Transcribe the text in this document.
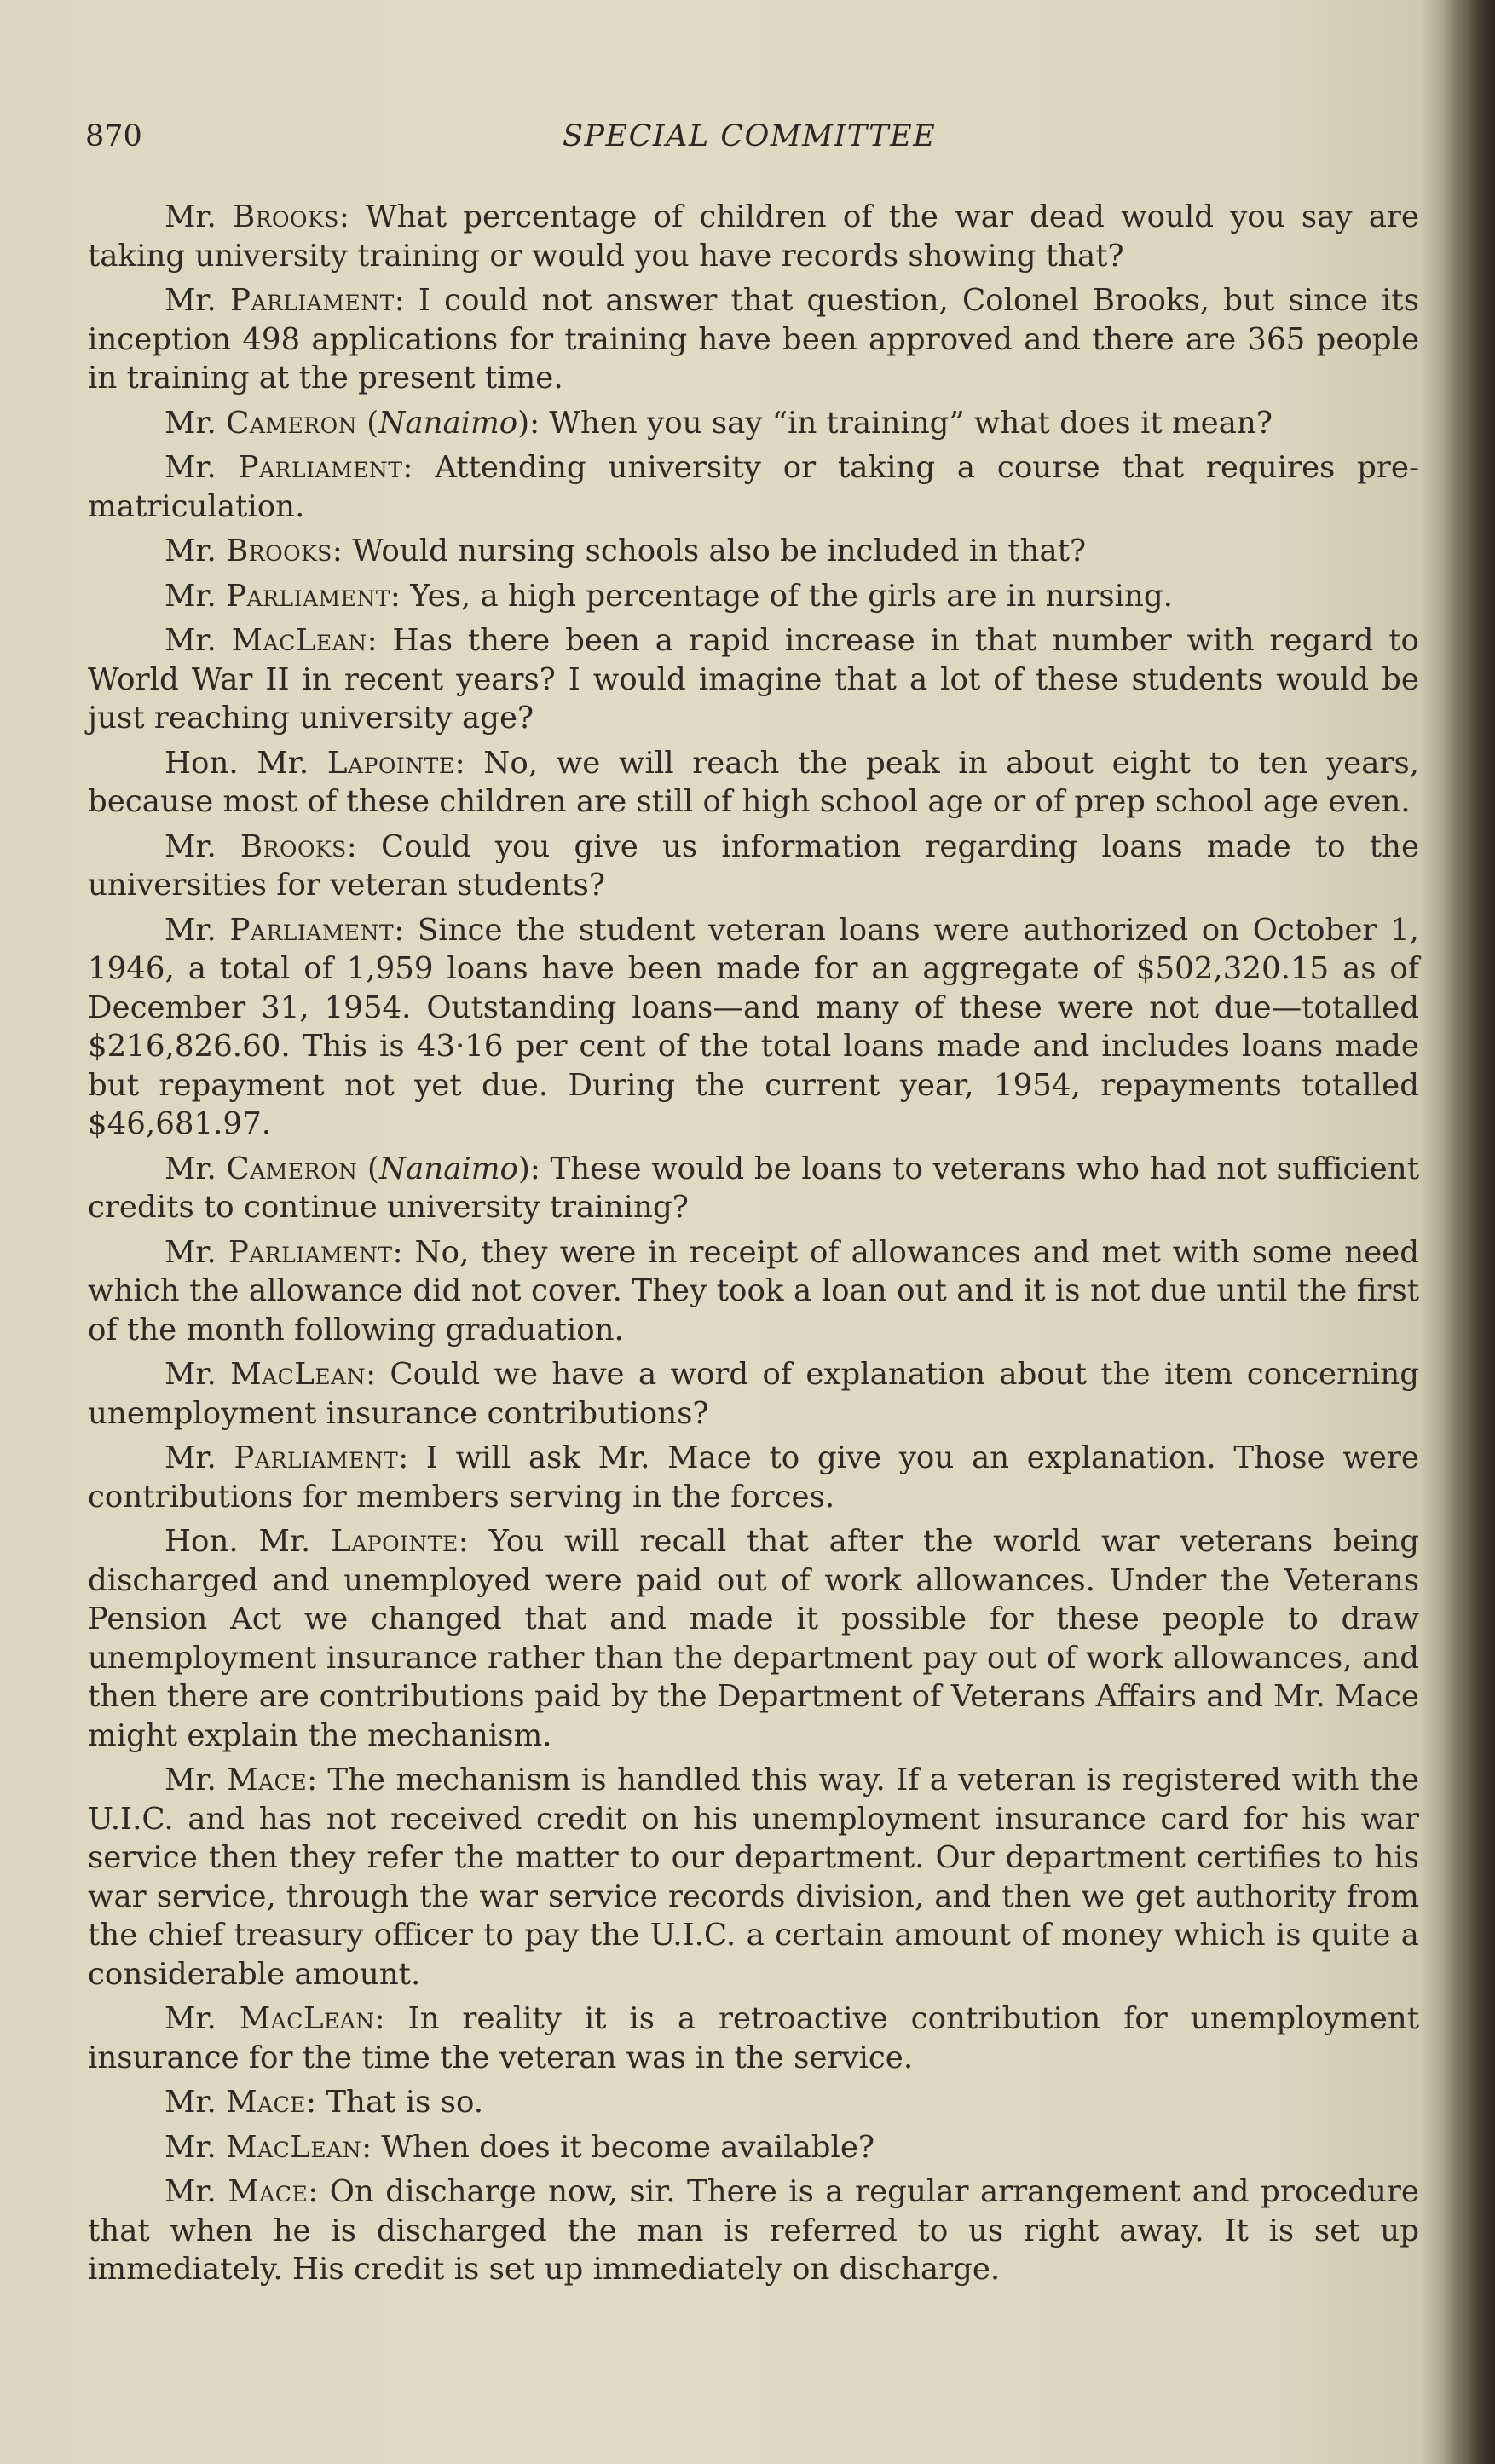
870	SPECIAL COMMITTEE

Mr. Brooks: What percentage of children of the war dead would you say are taking university training or would you have records showing that?

Mr. Parliament: I could not answer that question, Colonel Brooks, but since its inception 498 applications for training have been approved and there are 365 people in training at the present time.

Mr. Cameron (Nanaimo): When you say “in training” what does it mean?

Mr. Parliament: Attending university or taking a course that requires pre-matriculation.

Mr. Brooks: Would nursing schools also be included in that?

Mr. Parliament: Yes, a high percentage of the girls are in nursing.

Mr. MacLean: Has there been a rapid increase in that number with regard to World War II in recent years? I would imagine that a lot of these students would be just reaching university age?

Hon. Mr. Lapointe: No, we will reach the peak in about eight to ten years, because most of these children are still of high school age or of prep school age even.

Mr. Brooks: Could you give us information regarding loans made to the universities for veteran students?

Mr. Parliament: Since the student veteran loans were authorized on October 1, 1946, a total of 1,959 loans have been made for an aggregate of $502,320.15 as of December 31, 1954. Outstanding loans—and many of these were not due—totalled $216,826.60. This is 43·16 per cent of the total loans made and includes loans made but repayment not yet due. During the current year, 1954, repayments totalled $46,681.97.

Mr. Cameron (Nanaimo): These would be loans to veterans who had not sufficient credits to continue university training?

Mr. Parliament: No, they were in receipt of allowances and met with some need which the allowance did not cover. They took a loan out and it is not due until the first of the month following graduation.

Mr. MacLean: Could we have a word of explanation about the item concerning unemployment insurance contributions?

Mr. Parliament: I will ask Mr. Mace to give you an explanation. Those were contributions for members serving in the forces.

Hon. Mr. Lapointe: You will recall that after the world war veterans being discharged and unemployed were paid out of work allowances. Under the Veterans Pension Act we changed that and made it possible for these people to draw unemployment insurance rather than the department pay out of work allowances, and then there are contributions paid by the Department of Veterans Affairs and Mr. Mace might explain the mechanism.

Mr. Mace: The mechanism is handled this way. If a veteran is registered with the U.I.C. and has not received credit on his unemployment insurance card for his war service then they refer the matter to our department. Our department certifies to his war service, through the war service records division, and then we get authority from the chief treasury officer to pay the U.I.C. a certain amount of money which is quite a considerable amount.

Mr. MacLean: In reality it is a retroactive contribution for unemployment insurance for the time the veteran was in the service.

Mr. Mace: That is so.

Mr. MacLean: When does it become available?

Mr. Mace: On discharge now, sir. There is a regular arrangement and procedure that when he is discharged the man is referred to us right away. It is set up immediately. His credit is set up immediately on discharge.
